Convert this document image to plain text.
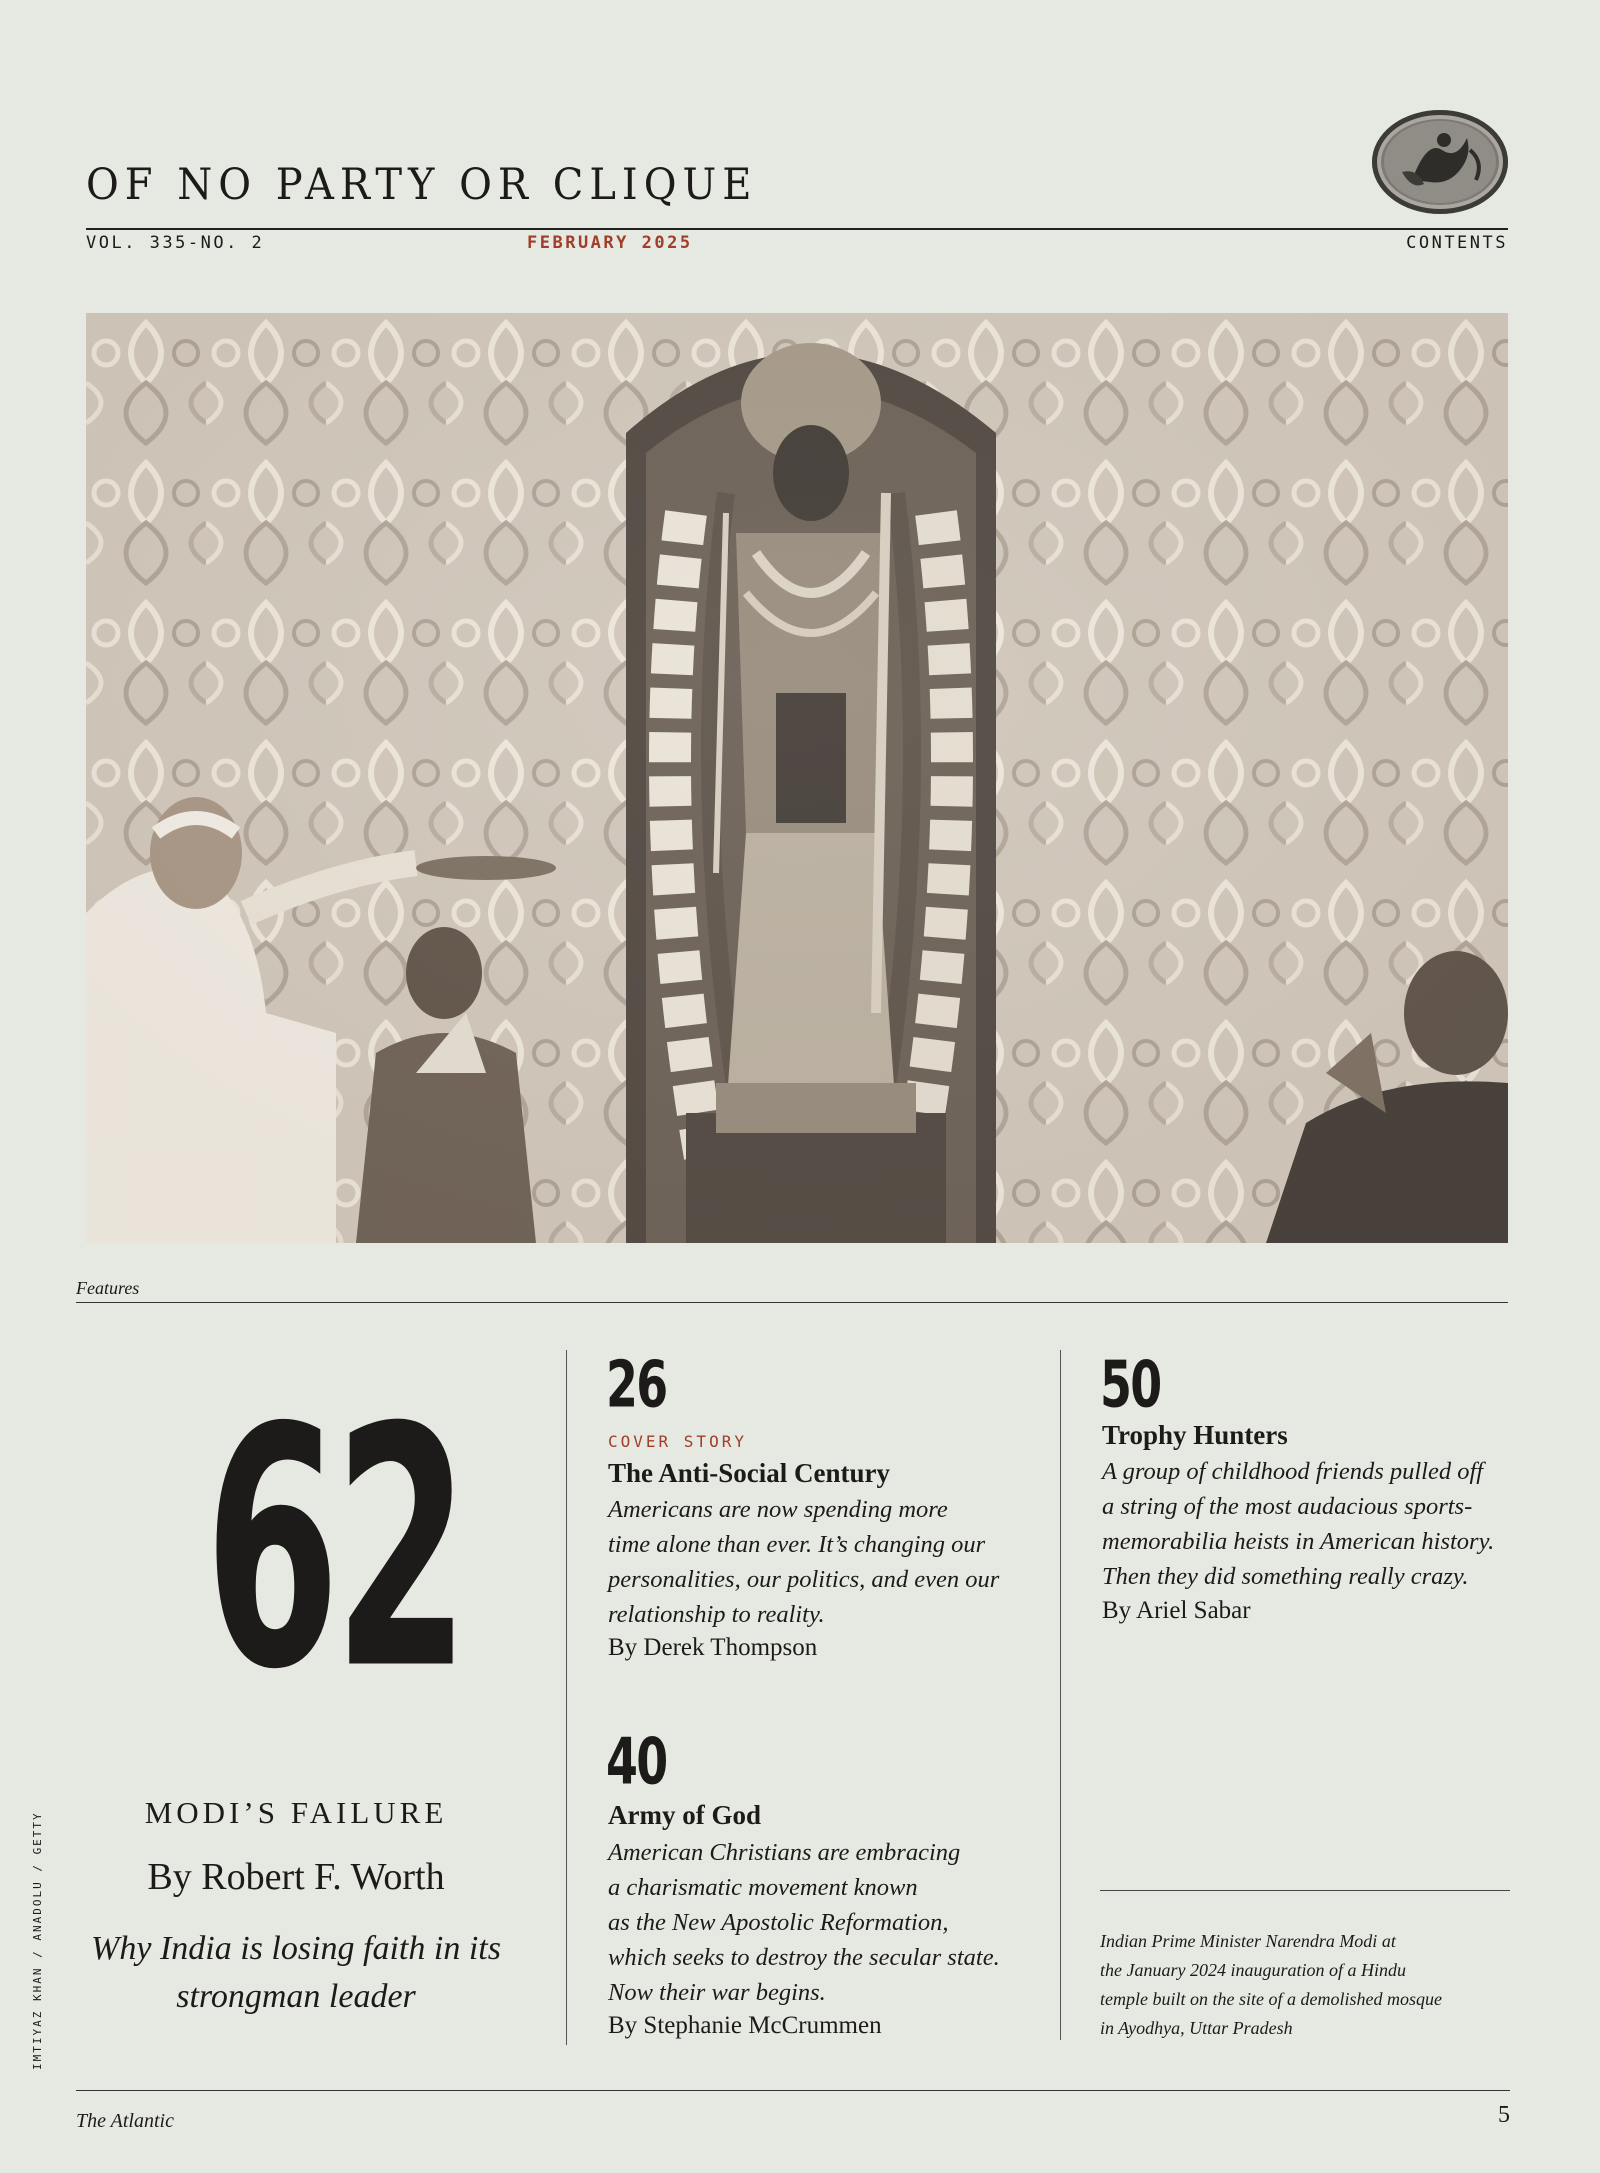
OF NO PARTY OR CLIQUE
VOL. 335-NO. 2	FEBRUARY 2025	CONTENTS
IMTIYAZ KHAN / ANADOLU / GETTY
Features
62
MODI’S FAILURE
By Robert F. Worth
Why India is losing faith in its strongman leader
26
COVER STORY
The Anti-Social Century
Americans are now spending more
time alone than ever. It’s changing our
personalities, our politics, and even our
relationship to reality.
By Derek Thompson
40
Army of God
American Christians are embracing
a charismatic movement known
as the New Apostolic Reformation,
which seeks to destroy the secular state.
Now their war begins.
By Stephanie McCrummen
50
Trophy Hunters
A group of childhood friends pulled off
a string of the most audacious sports-
memorabilia heists in American history.
Then they did something really crazy.
By Ariel Sabar
Indian Prime Minister Narendra Modi at
the January 2024 inauguration of a Hindu
temple built on the site of a demolished mosque
in Ayodhya, Uttar Pradesh
The Atlantic	5
